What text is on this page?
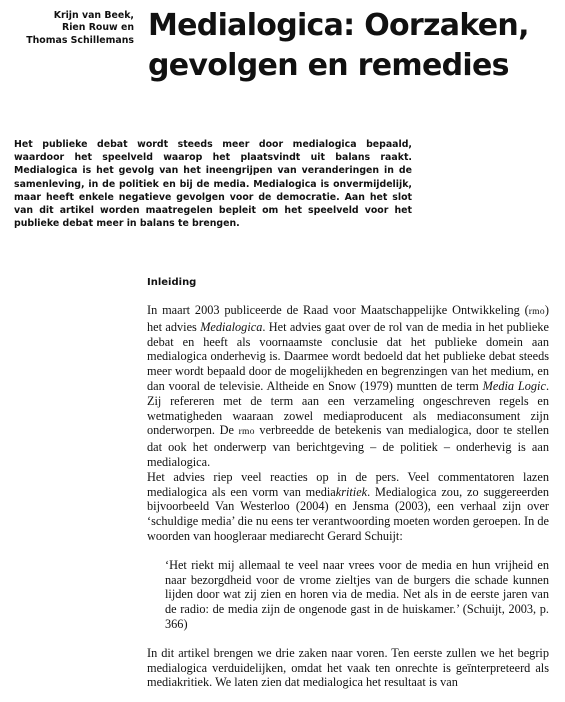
Krijn van Beek,
Rien Rouw en
Thomas Schillemans Medialogica: Oorzaken, gevolgen en remedies
Het publieke debat wordt steeds meer door medialogica bepaald, waardoor het speelveld waarop het plaatsvindt uit balans raakt. Medialogica is het gevolg van het ineengrijpen van veranderingen in de samenleving, in de politiek en bij de media. Medialogica is onvermijdelijk, maar heeft enkele negatieve gevolgen voor de democratie. Aan het slot van dit artikel worden maatregelen bepleit om het speelveld voor het publieke debat meer in balans te brengen.
Inleiding

In maart 2003 publiceerde de Raad voor Maatschappelijke Ontwikkeling (rmo) het advies Medialogica. Het advies gaat over de rol van de media in het publieke debat en heeft als voornaamste conclusie dat het publieke domein aan medialogica onderhevig is. Daarmee wordt bedoeld dat het publieke debat steeds meer wordt bepaald door de mogelijkheden en begrenzingen van het medium, en dan vooral de televisie. Altheide en Snow (1979) muntten de term Media Logic. Zij refereren met de term aan een verzameling ongeschreven regels en wetmatigheden waaraan zowel mediaproducent als mediaconsument zijn onderworpen. De rmo verbreedde de betekenis van medialogica, door te stellen dat ook het onderwerp van berichtgeving – de politiek – onderhevig is aan medialogica.

Het advies riep veel reacties op in de pers. Veel commentatoren lazen medialogica als een vorm van mediakritiek. Medialogica zou, zo suggereerden bijvoorbeeld Van Westerloo (2004) en Jensma (2003), een verhaal zijn over ‘schuldige media’ die nu eens ter verantwoording moeten worden geroepen. In de woorden van hoogleraar mediarecht Gerard Schuijt:

‘Het riekt mij allemaal te veel naar vrees voor de media en hun vrijheid en naar bezorgdheid voor de vrome zieltjes van de burgers die schade kunnen lijden door wat zij zien en horen via de media. Net als in de eerste jaren van de radio: de media zijn de ongenode gast in de huiskamer.’ (Schuijt, 2003, p. 366)

In dit artikel brengen we drie zaken naar voren. Ten eerste zullen we het begrip medialogica verduidelijken, omdat het vaak ten onrechte is geïnterpreteerd als mediakritiek. We laten zien dat medialogica het resultaat is van
